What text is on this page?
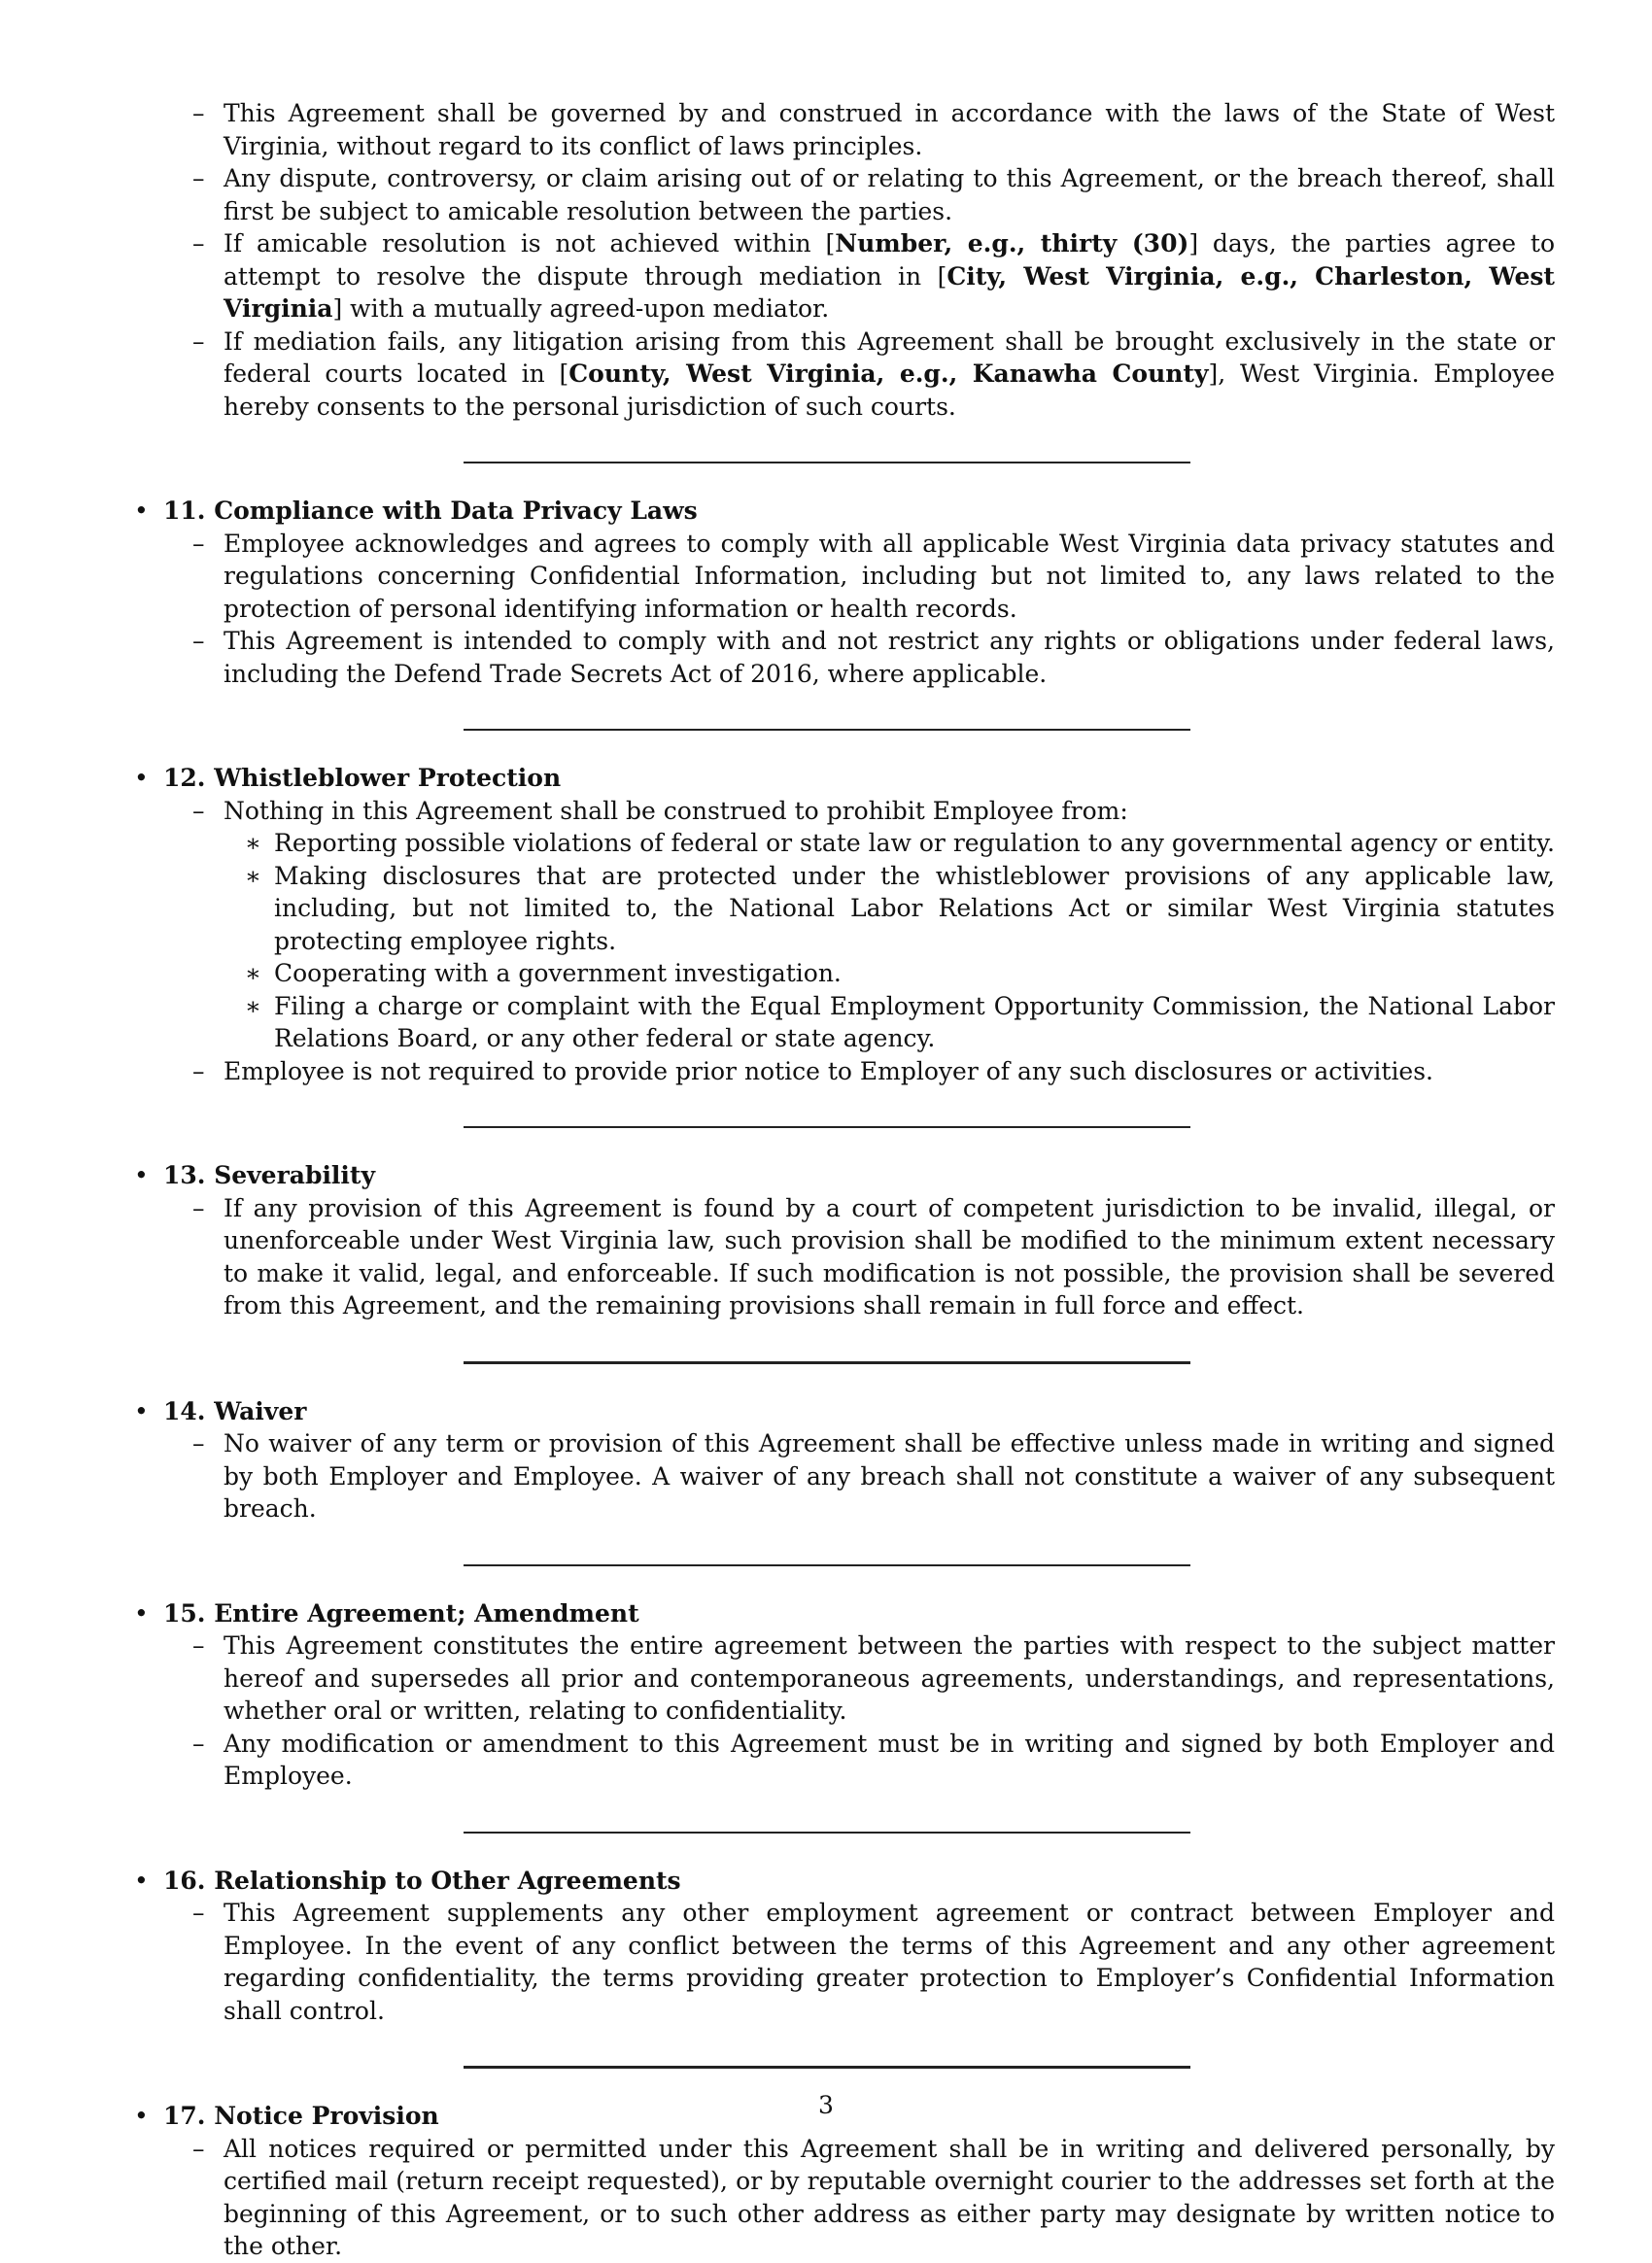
– This Agreement shall be governed by and construed in accordance with the laws of the State of West Virginia, without regard to its conflict of laws principles.
– Any dispute, controversy, or claim arising out of or relating to this Agreement, or the breach thereof, shall first be subject to amicable resolution between the parties.
– If amicable resolution is not achieved within [Number, e.g., thirty (30)] days, the parties agree to attempt to resolve the dispute through mediation in [City, West Virginia, e.g., Charleston, West Virginia] with a mutually agreed-upon mediator.
– If mediation fails, any litigation arising from this Agreement shall be brought exclusively in the state or federal courts located in [County, West Virginia, e.g., Kanawha County], West Virginia. Employee hereby consents to the personal jurisdiction of such courts.
• 11. Compliance with Data Privacy Laws
– Employee acknowledges and agrees to comply with all applicable West Virginia data privacy statutes and regulations concerning Confidential Information, including but not limited to, any laws related to the protection of personal identifying information or health records.
– This Agreement is intended to comply with and not restrict any rights or obligations under federal laws, including the Defend Trade Secrets Act of 2016, where applicable.
• 12. Whistleblower Protection
– Nothing in this Agreement shall be construed to prohibit Employee from:
∗ Reporting possible violations of federal or state law or regulation to any governmental agency or entity.
∗ Making disclosures that are protected under the whistleblower provisions of any applicable law, including, but not limited to, the National Labor Relations Act or similar West Virginia statutes protecting employee rights.
∗ Cooperating with a government investigation.
∗ Filing a charge or complaint with the Equal Employment Opportunity Commission, the National Labor Relations Board, or any other federal or state agency.
– Employee is not required to provide prior notice to Employer of any such disclosures or activities.
• 13. Severability
– If any provision of this Agreement is found by a court of competent jurisdiction to be invalid, illegal, or unenforceable under West Virginia law, such provision shall be modified to the minimum extent necessary to make it valid, legal, and enforceable. If such modification is not possible, the provision shall be severed from this Agreement, and the remaining provisions shall remain in full force and effect.
• 14. Waiver
– No waiver of any term or provision of this Agreement shall be effective unless made in writing and signed by both Employer and Employee. A waiver of any breach shall not constitute a waiver of any subsequent breach.
• 15. Entire Agreement; Amendment
– This Agreement constitutes the entire agreement between the parties with respect to the subject matter hereof and supersedes all prior and contemporaneous agreements, understandings, and representations, whether oral or written, relating to confidentiality.
– Any modification or amendment to this Agreement must be in writing and signed by both Employer and Employee.
• 16. Relationship to Other Agreements
– This Agreement supplements any other employment agreement or contract between Employer and Employee. In the event of any conflict between the terms of this Agreement and any other agreement regarding confidentiality, the terms providing greater protection to Employer’s Confidential Information shall control.
• 17. Notice Provision
– All notices required or permitted under this Agreement shall be in writing and delivered personally, by certified mail (return receipt requested), or by reputable overnight courier to the addresses set forth at the beginning of this Agreement, or to such other address as either party may designate by written notice to the other.
3
